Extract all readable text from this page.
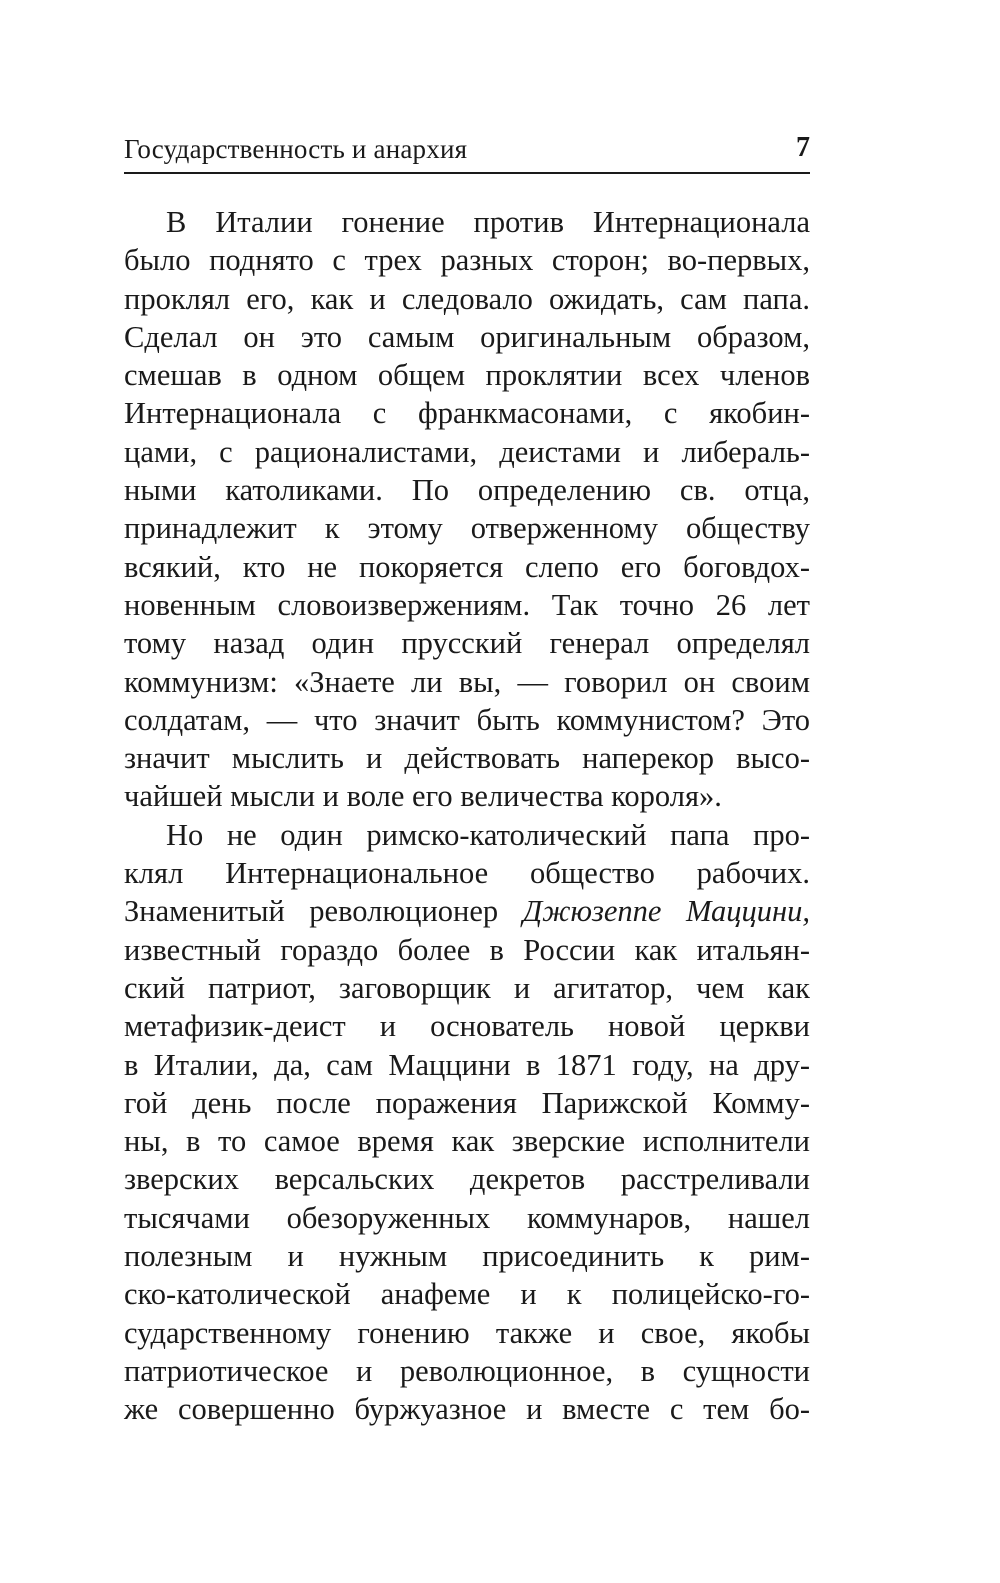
Государственность и анархия	7
В Италии гонение против Интернационала
было поднято с трех разных сторон; во-первых,
проклял его, как и следовало ожидать, сам папа.
Сделал он это самым оригинальным образом,
смешав в одном общем проклятии всех членов
Интернационала с франкмасонами, с якобин-
цами, с рационалистами, деистами и либераль-
ными католиками. По определению св. отца,
принадлежит к этому отверженному обществу
всякий, кто не покоряется слепо его боговдох-
новенным словоизвержениям. Так точно 26 лет
тому назад один прусский генерал определял
коммунизм: «Знаете ли вы, — говорил он своим
солдатам, — что значит быть коммунистом? Это
значит мыслить и действовать наперекор высо-
чайшей мысли и воле его величества короля».
Но не один римско-католический папа про-
клял Интернациональное общество рабочих.
Знаменитый революционер Джюзеппе Маццини,
известный гораздо более в России как итальян-
ский патриот, заговорщик и агитатор, чем как
метафизик-деист и основатель новой церкви
в Италии, да, сам Маццини в 1871 году, на дру-
гой день после поражения Парижской Комму-
ны, в то самое время как зверские исполнители
зверских версальских декретов расстреливали
тысячами обезоруженных коммунаров, нашел
полезным и нужным присоединить к рим-
ско-католической анафеме и к полицейско-го-
сударственному гонению также и свое, якобы
патриотическое и революционное, в сущности
же совершенно буржуазное и вместе с тем бо-
